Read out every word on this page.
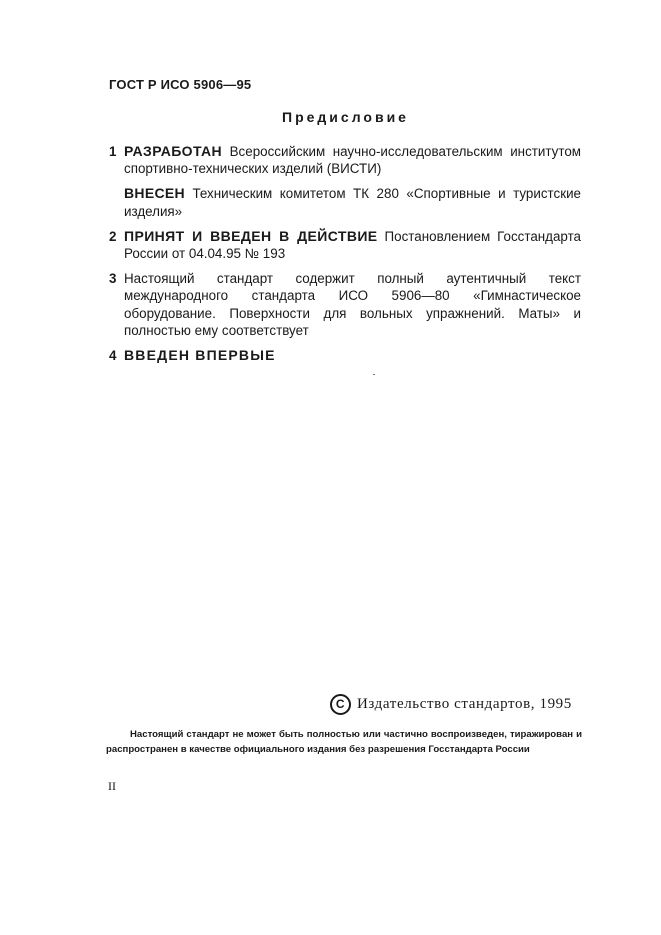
ГОСТ Р ИСО 5906—95
Предисловие
1 РАЗРАБОТАН Всероссийским научно-исследовательским институтом спортивно-технических изделий (ВИСТИ)
ВНЕСЕН Техническим комитетом ТК 280 «Спортивные и туристские изделия»
2 ПРИНЯТ И ВВЕДЕН В ДЕЙСТВИЕ Постановлением Госстандарта России от 04.04.95 № 193
3 Настоящий стандарт содержит полный аутентичный текст международного стандарта ИСО 5906—80 «Гимнастическое оборудование. Поверхности для вольных упражнений. Маты» и полностью ему соответствует
4 ВВЕДЕН ВПЕРВЫЕ
С Издательство стандартов, 1995
Настоящий стандарт не может быть полностью или частично воспроизведен, тиражирован и распространен в качестве официального издания без разрешения Госстандарта России
II
